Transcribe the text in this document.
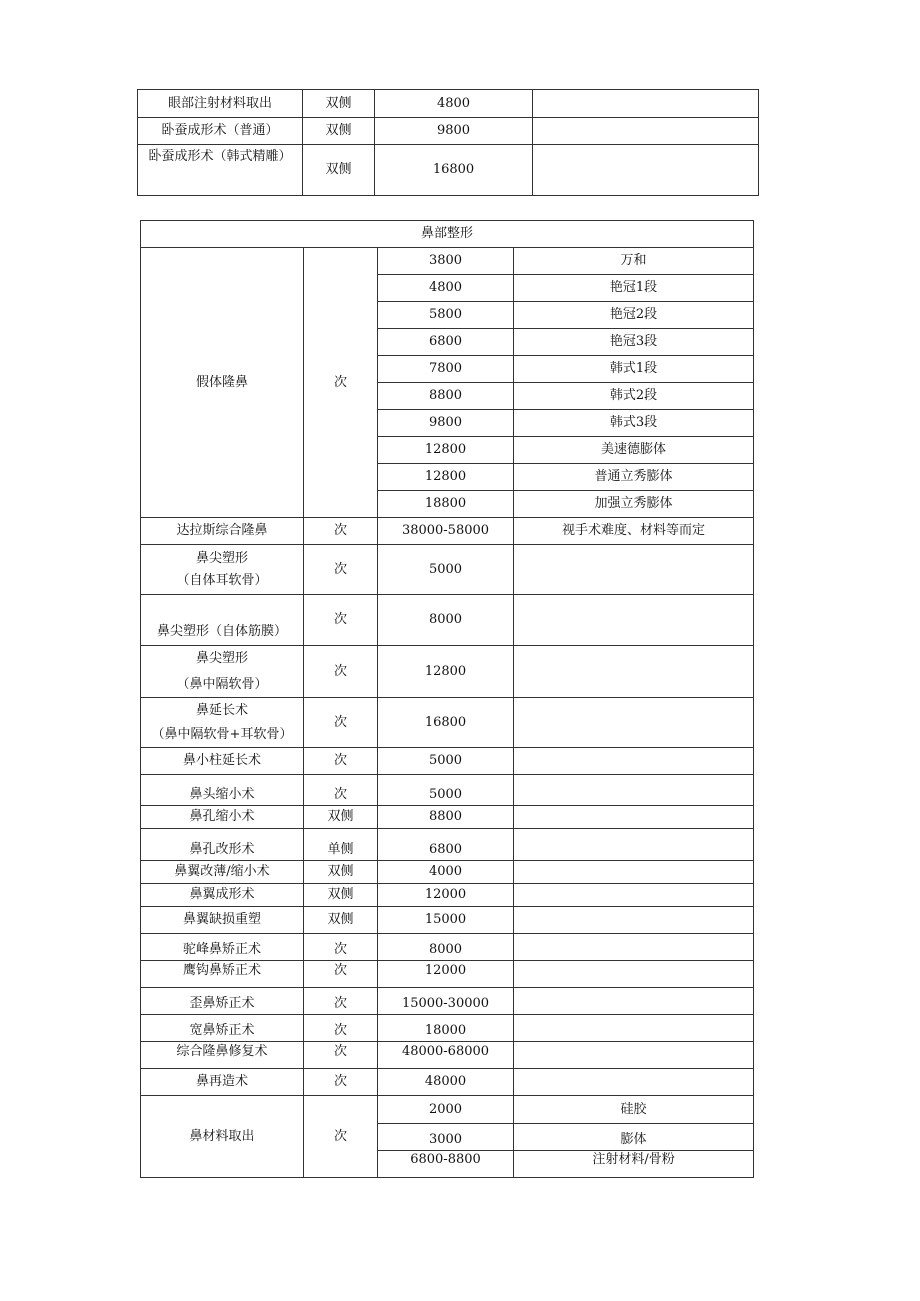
眼部注射材料取出	双侧	4800	
卧蚕成形术（普通）	双侧	9800	
卧蚕成形术（韩式精雕）	双侧	16800	
鼻部整形			
假体隆鼻	次	3800	万和
		4800	艳冠1段
		5800	艳冠2段
		6800	艳冠3段
		7800	韩式1段
		8800	韩式2段
		9800	韩式3段
		12800	美速德膨体
		12800	普通立秀膨体
		18800	加强立秀膨体
达拉斯综合隆鼻	次	38000-58000	视手术难度、材料等而定

鼻尖塑形
（自体耳软骨）	次	5000	
鼻尖塑形（自体筋膜）	次	8000	

鼻尖塑形
（鼻中隔软骨）	次	12800	

鼻延长术
（鼻中隔软骨+耳软骨）	次	16800	
鼻小柱延长术	次	5000	
鼻头缩小术	次	5000	
鼻孔缩小术	双侧	8800	
鼻孔改形术	单侧	6800	
鼻翼改薄/缩小术	双侧	4000	
鼻翼成形术	双侧	12000	
鼻翼缺损重塑	双侧	15000	
驼峰鼻矫正术	次	8000	
鹰钩鼻矫正术	次	12000	
歪鼻矫正术	次	15000-30000	
宽鼻矫正术	次	18000	
综合隆鼻修复术	次	48000-68000	
鼻再造术	次	48000	
鼻材料取出	次	2000	硅胶
		3000	膨体
		6800-8800	注射材料/骨粉
